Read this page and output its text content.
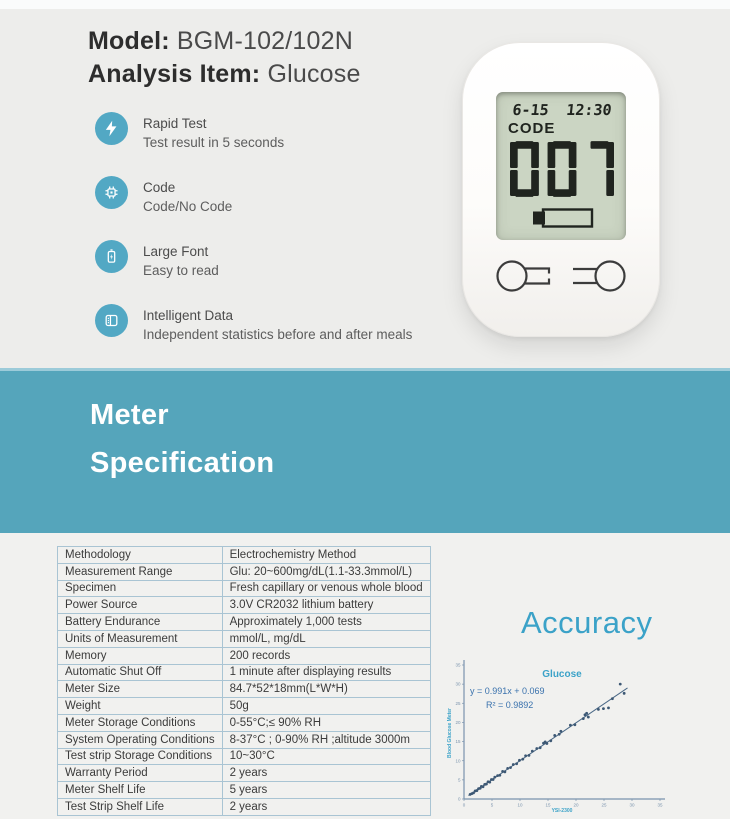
Model: BGM-102/102N
Analysis Item: Glucose
Rapid Test
Test result in 5 seconds
Code
Code/No Code
Large Font
Easy to read
Intelligent Data
Independent statistics before and after meals
6-15 12:30
CODE
Meter
Specification
Methodology	Electrochemistry Method
Measurement Range	Glu: 20~600mg/dL(1.1-33.3mmol/L)
Specimen	Fresh capillary or venous whole blood
Power Source	3.0V CR2032 lithium battery
Battery Endurance	Approximately 1,000 tests
Units of Measurement	mmol/L, mg/dL
Memory	200 records
Automatic Shut Off	1 minute after displaying results
Meter Size	84.7*52*18mm(L*W*H)
Weight	50g
Meter Storage Conditions	0-55°C;≤ 90% RH
System Operating Conditions	8-37°C ; 0-90% RH ;altitude 3000m
Test strip Storage Conditions	10~30°C
Warranty Period	2 years
Meter Shelf Life	5 years
Test Strip Shelf Life	2 years
Accuracy
Glucose
y = 0.991x + 0.069
R² = 0.9892
YSI-2300
Blood Glucose Meter
0	5	10	15	20	25	30	35
0
5
10
15
20
25
30
35
